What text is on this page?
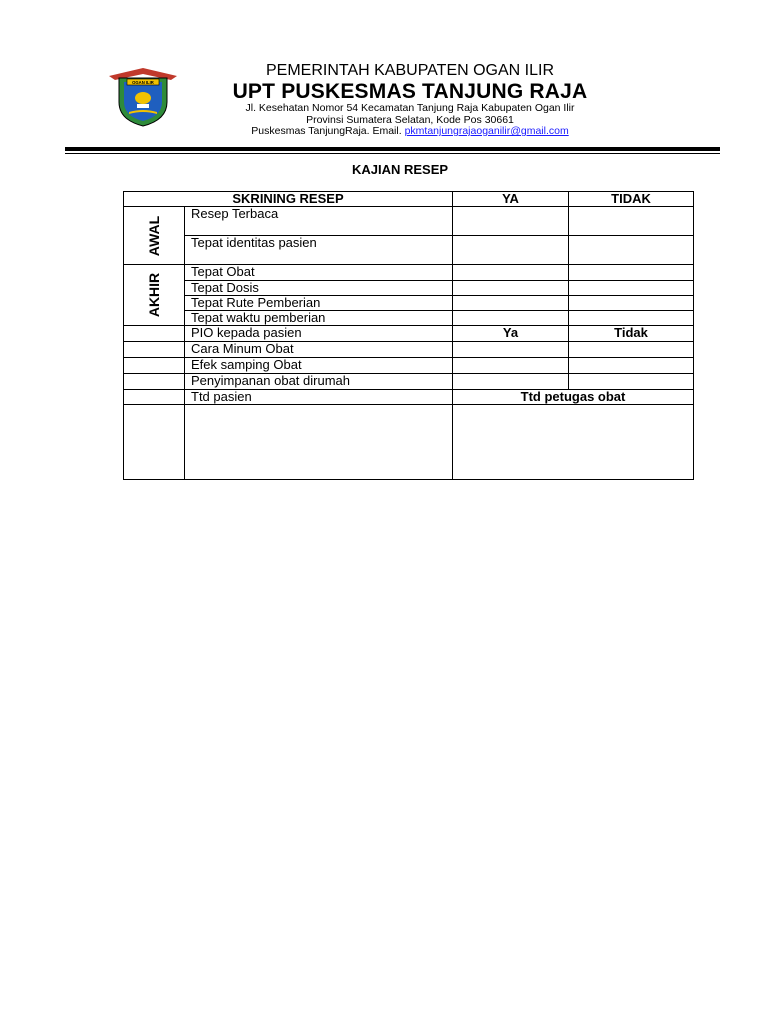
OGAN ILIR
PEMERINTAH KABUPATEN OGAN ILIR
UPT PUSKESMAS TANJUNG RAJA
Jl. Kesehatan Nomor 54 Kecamatan Tanjung Raja Kabupaten Ogan Ilir
Provinsi Sumatera Selatan, Kode Pos 30661
Puskesmas TanjungRaja. Email. pkmtanjungrajaoganilir@gmail.com
KAJIAN RESEP
SKRINING RESEP		YA	TIDAK

AWAL	Resep Terbaca		
	Tepat identitas pasien		

AKHIR	Tepat Obat		
	Tepat Dosis		
	Tepat Rute Pemberian		
	Tepat waktu pemberian		
	PIO kepada pasien	Ya	Tidak
	Cara Minum Obat		
	Efek samping Obat		
	Penyimpanan obat dirumah		
	Ttd pasien	Ttd petugas obat	
